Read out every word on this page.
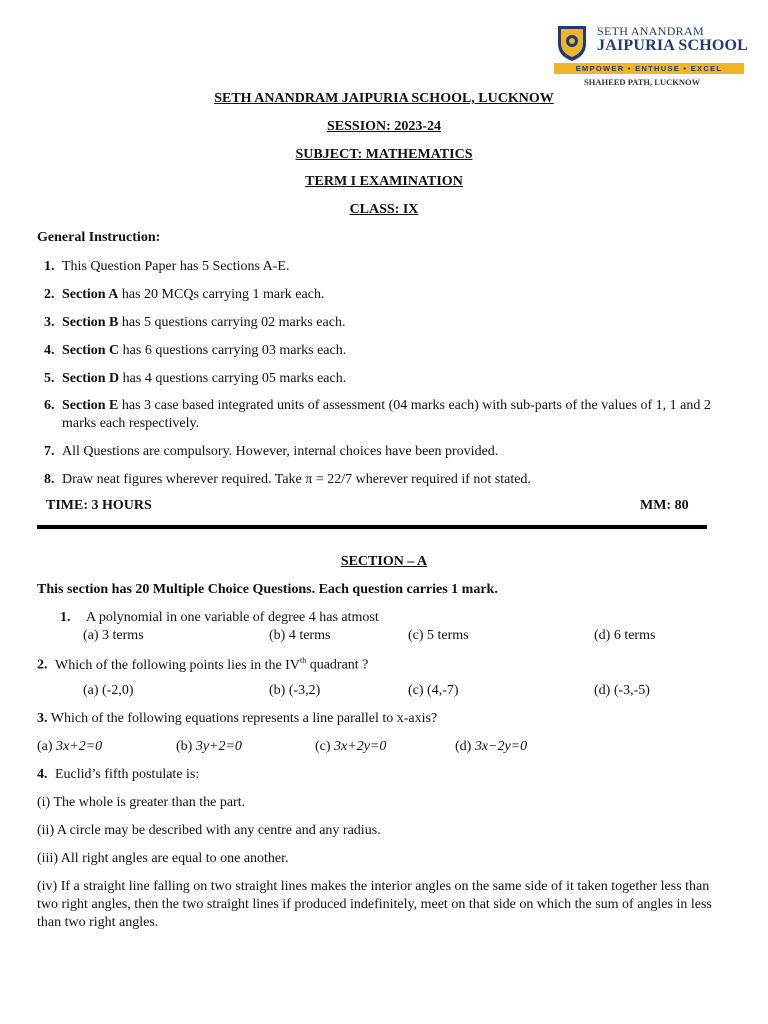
SETH ANANDRAM
JAIPURIA SCHOOL
EMPOWER • ENTHUSE • EXCEL
SHAHEED PATH, LUCKNOW
SETH ANANDRAM JAIPURIA SCHOOL, LUCKNOW
SESSION: 2023-24
SUBJECT: MATHEMATICS
TERM I EXAMINATION
CLASS: IX
General Instruction:
1. This Question Paper has 5 Sections A-E.
2. Section A has 20 MCQs carrying 1 mark each.
3. Section B has 5 questions carrying 02 marks each.
4. Section C has 6 questions carrying 03 marks each.
5. Section D has 4 questions carrying 05 marks each.
6. Section E has 3 case based integrated units of assessment (04 marks each) with sub-parts of the values of 1, 1 and 2 marks each respectively.
7. All Questions are compulsory. However, internal choices have been provided.
8. Draw neat figures wherever required. Take π = 22/7 wherever required if not stated.
TIME: 3 HOURS	MM: 80
SECTION – A
This section has 20 Multiple Choice Questions. Each question carries 1 mark.
1. A polynomial in one variable of degree 4 has atmost
(a) 3 terms	(b) 4 terms	(c) 5 terms	(d) 6 terms
2. Which of the following points lies in the IVth quadrant ?
(a) (-2,0)	(b) (-3,2)	(c) (4,-7)	(d) (-3,-5)
3. Which of the following equations represents a line parallel to x-axis?
(a) 3x+2=0	(b) 3y+2=0	(c) 3x+2y=0	(d) 3x−2y=0
4. Euclid’s fifth postulate is:
(i) The whole is greater than the part.
(ii) A circle may be described with any centre and any radius.
(iii) All right angles are equal to one another.
(iv) If a straight line falling on two straight lines makes the interior angles on the same side of it taken together less than two right angles, then the two straight lines if produced indefinitely, meet on that side on which the sum of angles in less than two right angles.
